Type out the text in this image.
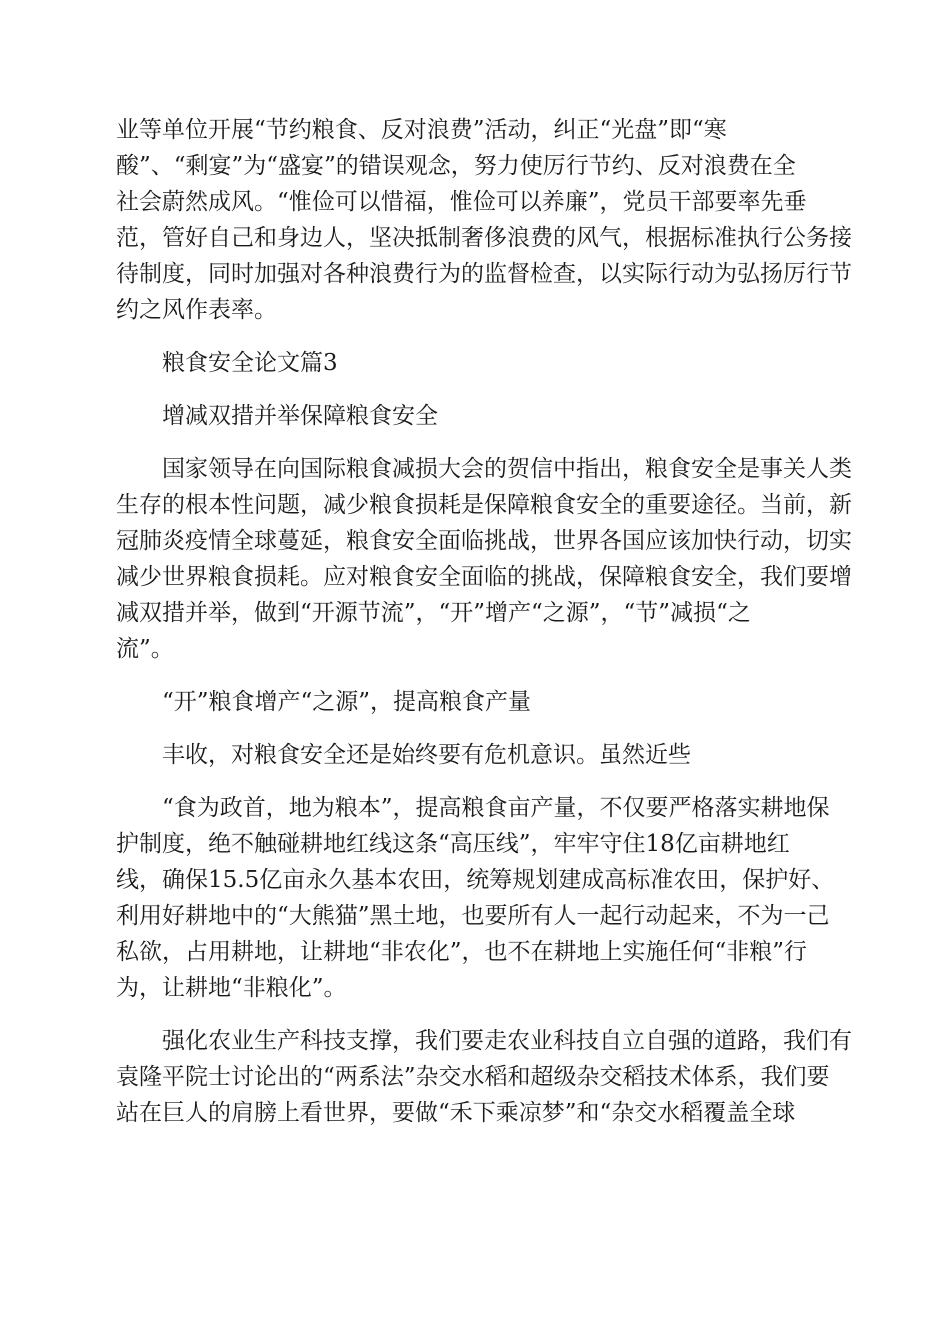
业等单位开展“节约粮食、反对浪费”活动，纠正“光盘”即“寒
酸”、“剩宴”为“盛宴”的错误观念，努力使厉行节约、反对浪费在全
社会蔚然成风。“惟俭可以惜福，惟俭可以养廉”，党员干部要率先垂
范，管好自己和身边人，坚决抵制奢侈浪费的风气，根据标准执行公务接
待制度，同时加强对各种浪费行为的监督检查，以实际行动为弘扬厉行节
约之风作表率。
粮食安全论文篇3
增减双措并举保障粮食安全
国家领导在向国际粮食减损大会的贺信中指出，粮食安全是事关人类
生存的根本性问题，减少粮食损耗是保障粮食安全的重要途径。当前，新
冠肺炎疫情全球蔓延，粮食安全面临挑战，世界各国应该加快行动，切实
减少世界粮食损耗。应对粮食安全面临的挑战，保障粮食安全，我们要增
减双措并举，做到“开源节流”，“开”增产“之源”，“节”减损“之
流”。
“开”粮食增产“之源”，提高粮食产量
丰收，对粮食安全还是始终要有危机意识。虽然近些
“食为政首，地为粮本”，提高粮食亩产量，不仅要严格落实耕地保
护制度，绝不触碰耕地红线这条“高压线”，牢牢守住18亿亩耕地红
线，确保15.5亿亩永久基本农田，统筹规划建成高标准农田，保护好、
利用好耕地中的“大熊猫”黑土地，也要所有人一起行动起来，不为一己
私欲，占用耕地，让耕地“非农化”，也不在耕地上实施任何“非粮”行
为，让耕地“非粮化”。
强化农业生产科技支撑，我们要走农业科技自立自强的道路，我们有
袁隆平院士讨论出的“两系法”杂交水稻和超级杂交稻技术体系，我们要
站在巨人的肩膀上看世界，要做“禾下乘凉梦”和“杂交水稻覆盖全球
